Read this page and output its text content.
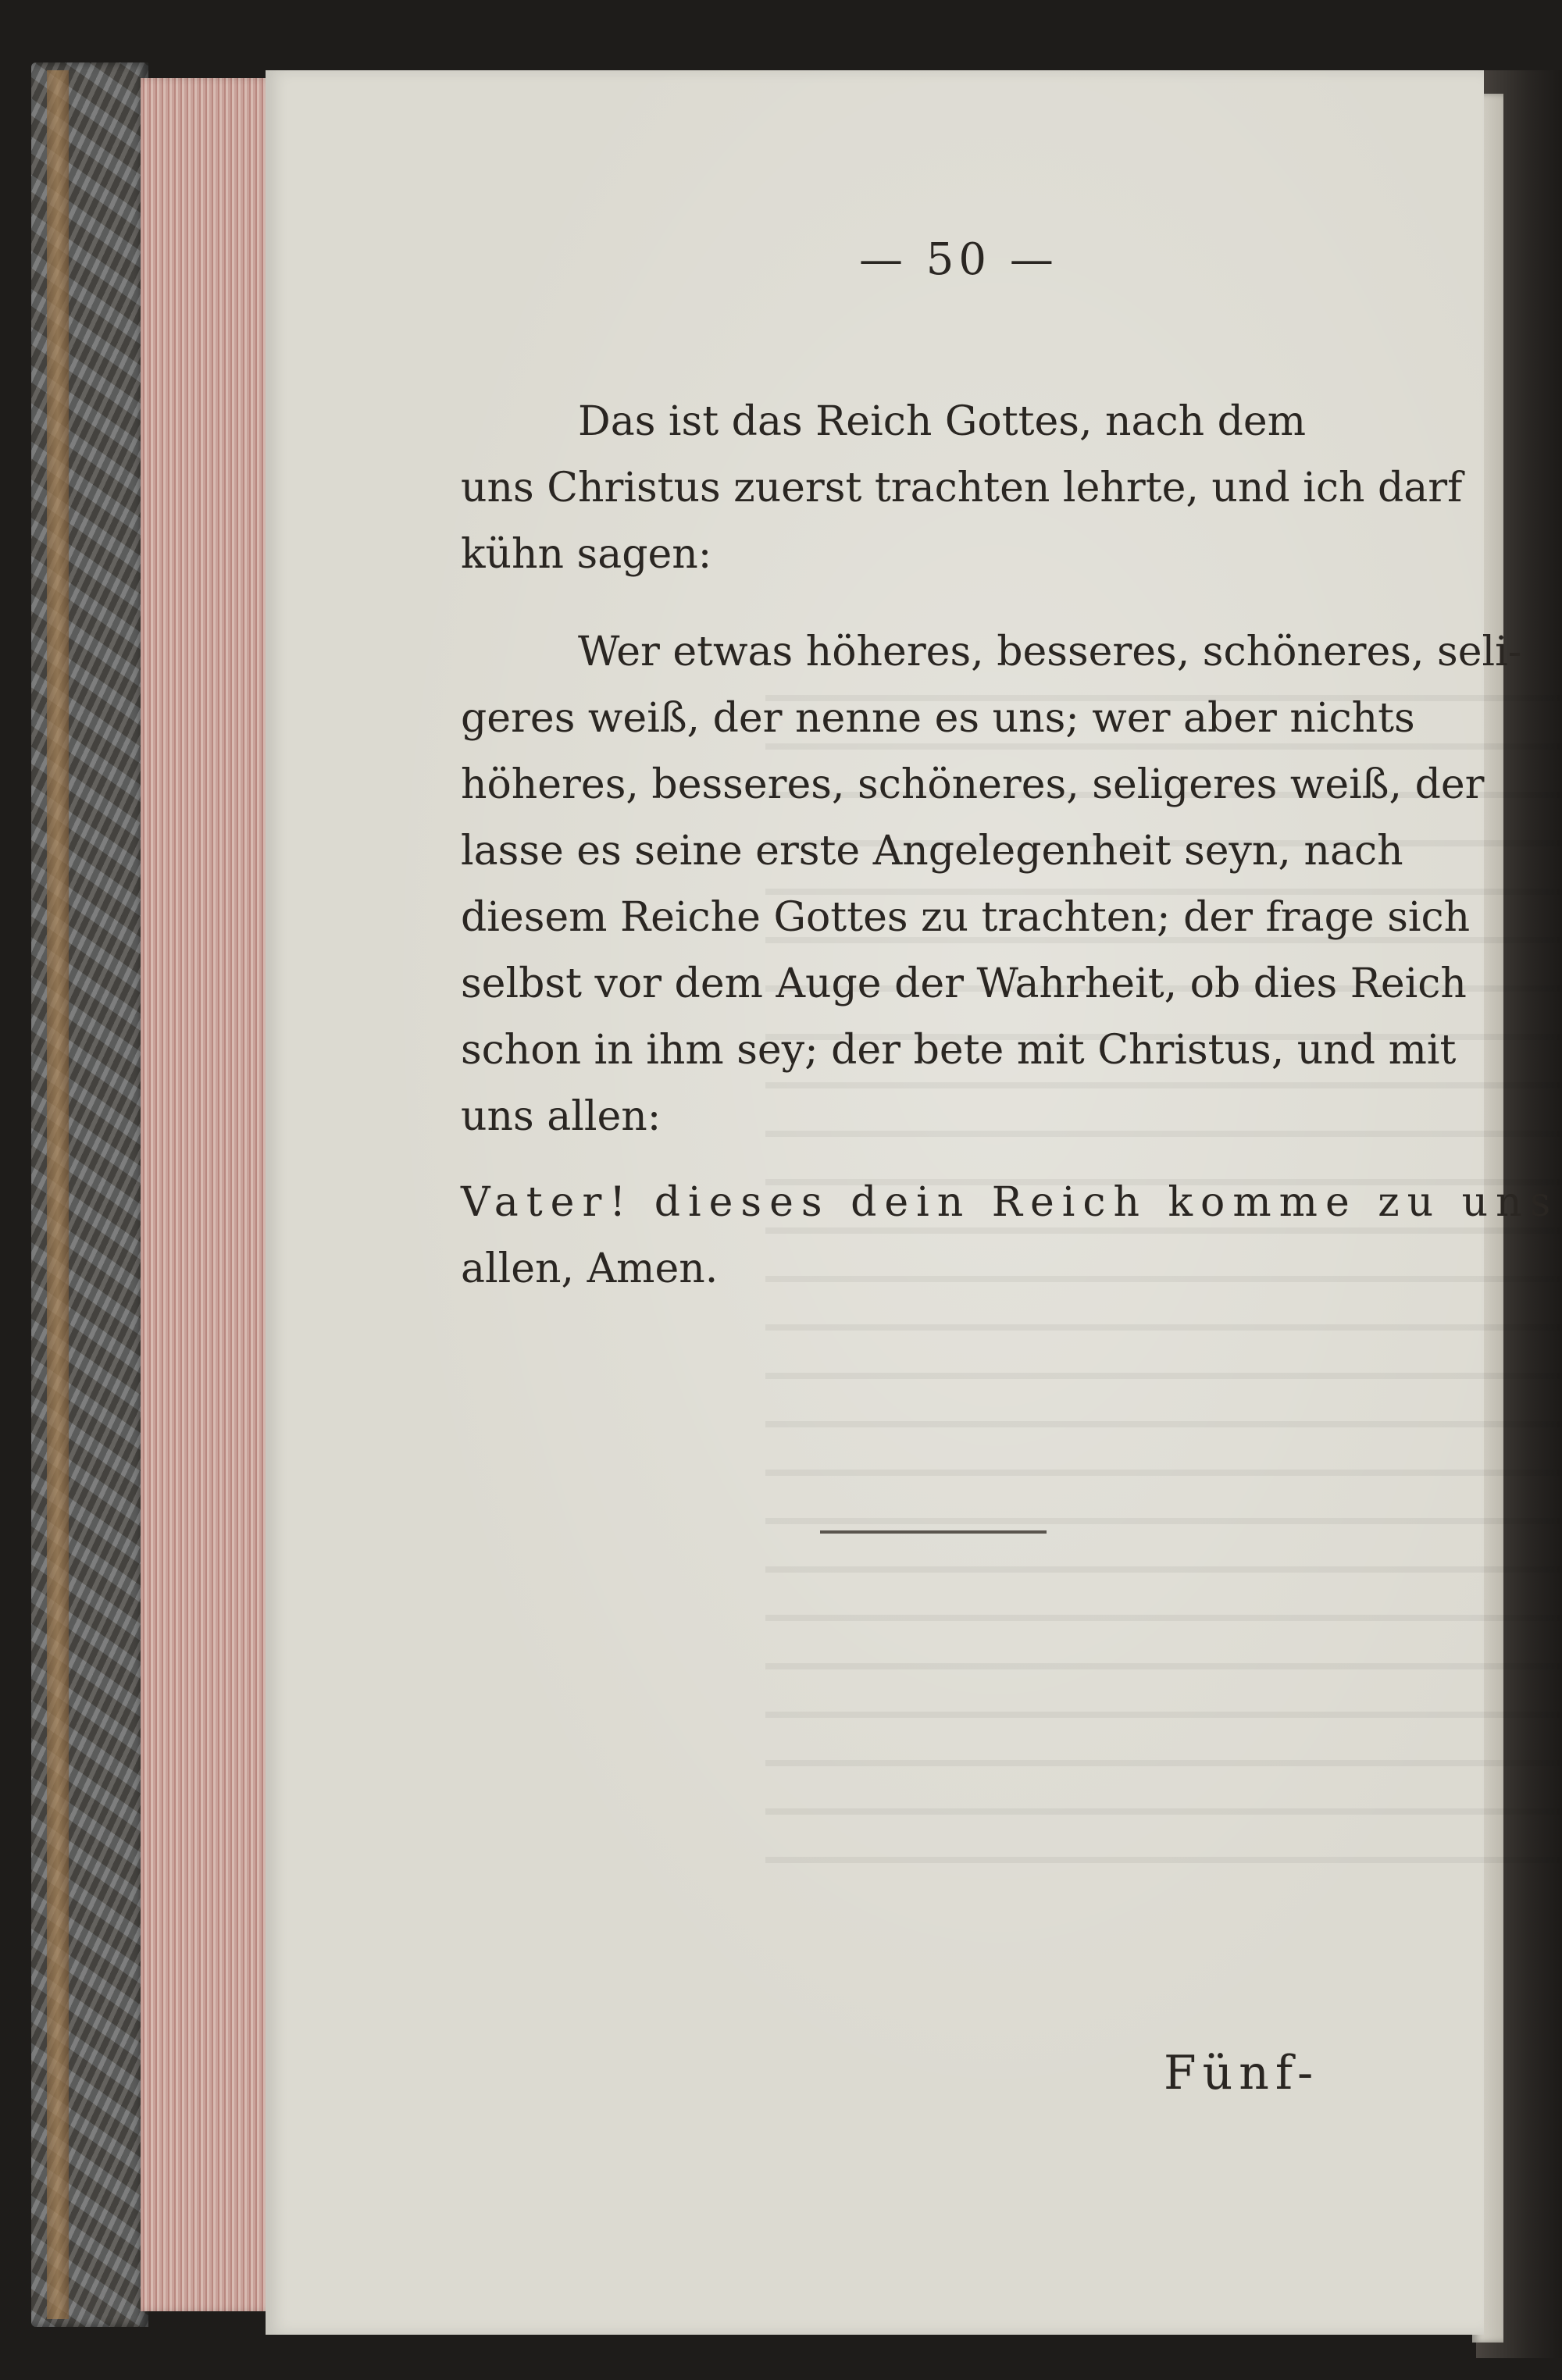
— 50 —
Das ist das Reich Gottes, nach dem
uns Christus zuerst trachten lehrte, und ich darf
kühn sagen:
Wer etwas höheres, besseres, schöneres, seli-
geres weiß, der nenne es uns; wer aber nichts
höheres, besseres, schöneres, seligeres weiß, der
lasse es seine erste Angelegenheit seyn, nach
diesem Reiche Gottes zu trachten; der frage sich
selbst vor dem Auge der Wahrheit, ob dies Reich
schon in ihm sey; der bete mit Christus, und mit
uns allen:
Vater! dieses dein Reich komme zu uns
allen, Amen.
Fünf-
